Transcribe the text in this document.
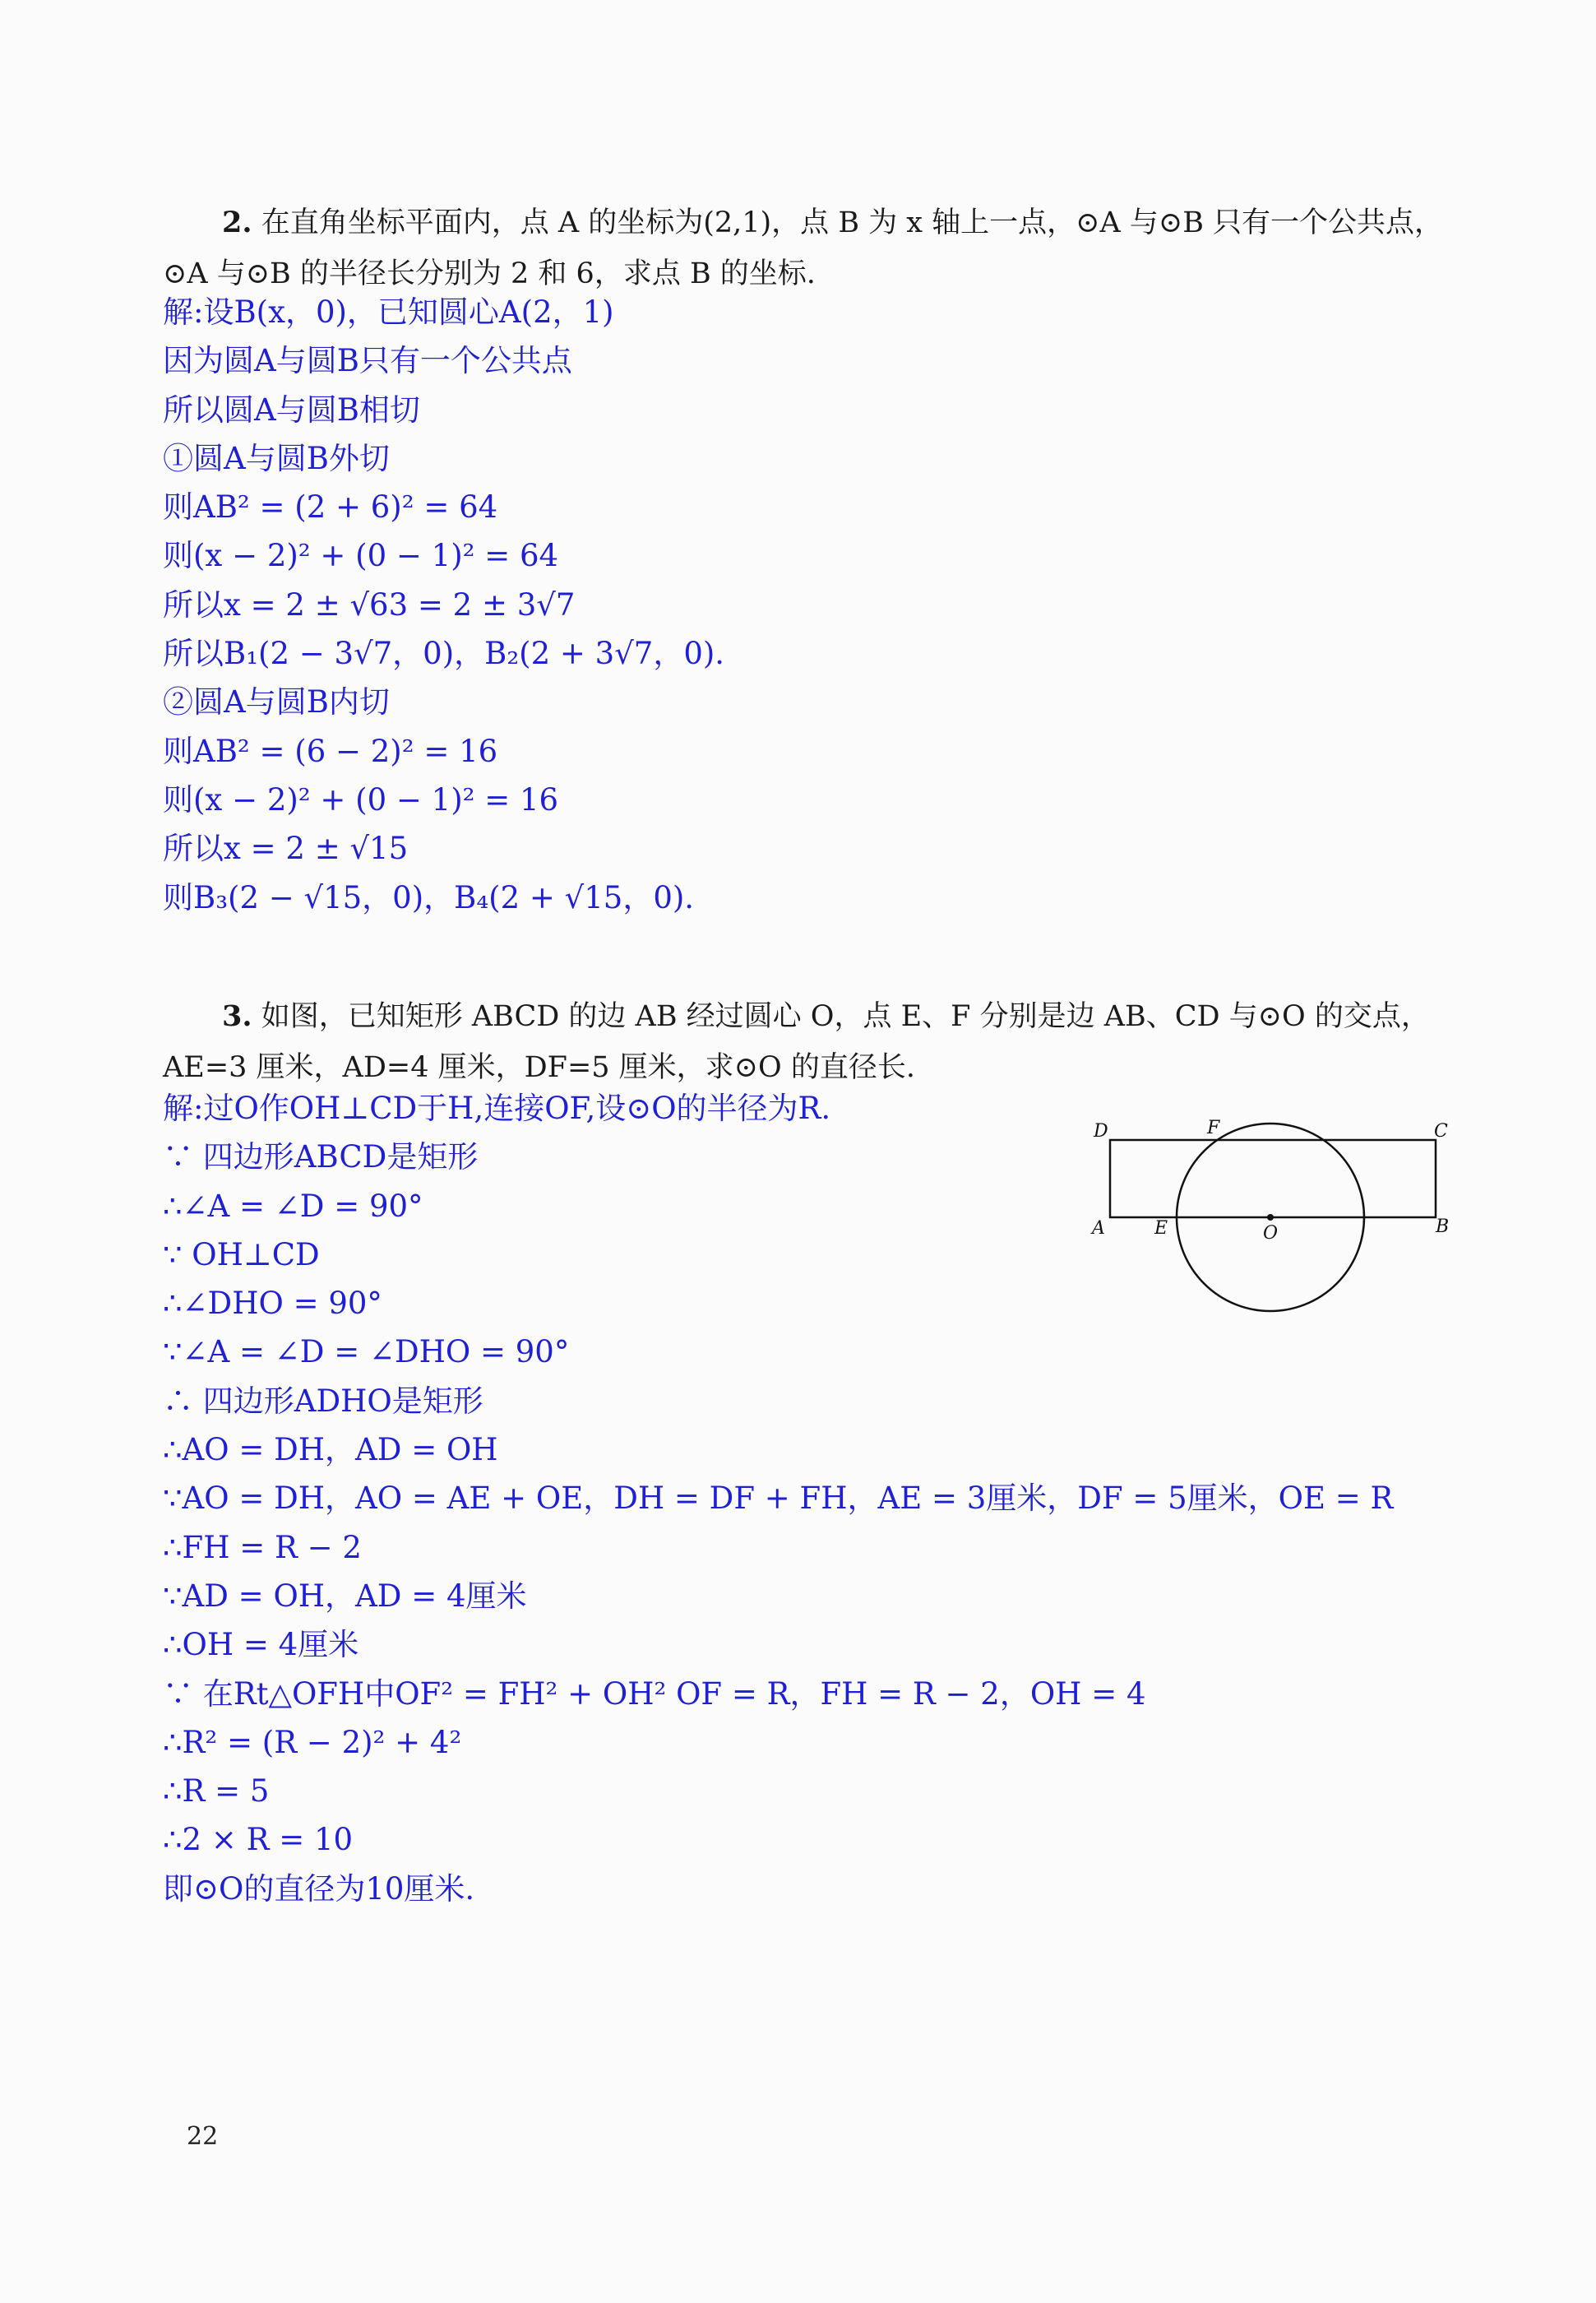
2. 在直角坐标平面内，点 A 的坐标为(2,1)，点 B 为 x 轴上一点，⊙A 与⊙B 只有一个公共点，⊙A 与⊙B 的半径长分别为 2 和 6，求点 B 的坐标.

解:设B(x，0)，已知圆心A(2，1)
因为圆A与圆B只有一个公共点
所以圆A与圆B相切
①圆A与圆B外切
则AB² = (2 + 6)² = 64
则(x − 2)² + (0 − 1)² = 64
所以x = 2 ± √63 = 2 ± 3√7
所以B₁(2 − 3√7，0)，B₂(2 + 3√7，0).
②圆A与圆B内切
则AB² = (6 − 2)² = 16
则(x − 2)² + (0 − 1)² = 16
所以x = 2 ± √15
则B₃(2 − √15，0)，B₄(2 + √15，0).

3. 如图，已知矩形 ABCD 的边 AB 经过圆心 O，点 E、F 分别是边 AB、CD 与⊙O 的交点，AE=3 厘米，AD=4 厘米，DF=5 厘米，求⊙O 的直径长.

解:过O作OH⊥CD于H,连接OF,设⊙O的半径为R.
∵ 四边形ABCD是矩形
∴∠A = ∠D = 90°
∵ OH⊥CD
∴∠DHO = 90°
∵∠A = ∠D = ∠DHO = 90°
∴ 四边形ADHO是矩形
∴AO = DH，AD = OH
∵AO = DH，AO = AE + OE，DH = DF + FH，AE = 3厘米，DF = 5厘米，OE = R
∴FH = R − 2
∵AD = OH，AD = 4厘米
∴OH = 4厘米
∵ 在Rt△OFH中OF² = FH² + OH² OF = R，FH = R − 2，OH = 4
∴R² = (R − 2)² + 4²
∴R = 5
∴2 × R = 10
即⊙O的直径为10厘米.
D	C
F
A	E	O	B
22
